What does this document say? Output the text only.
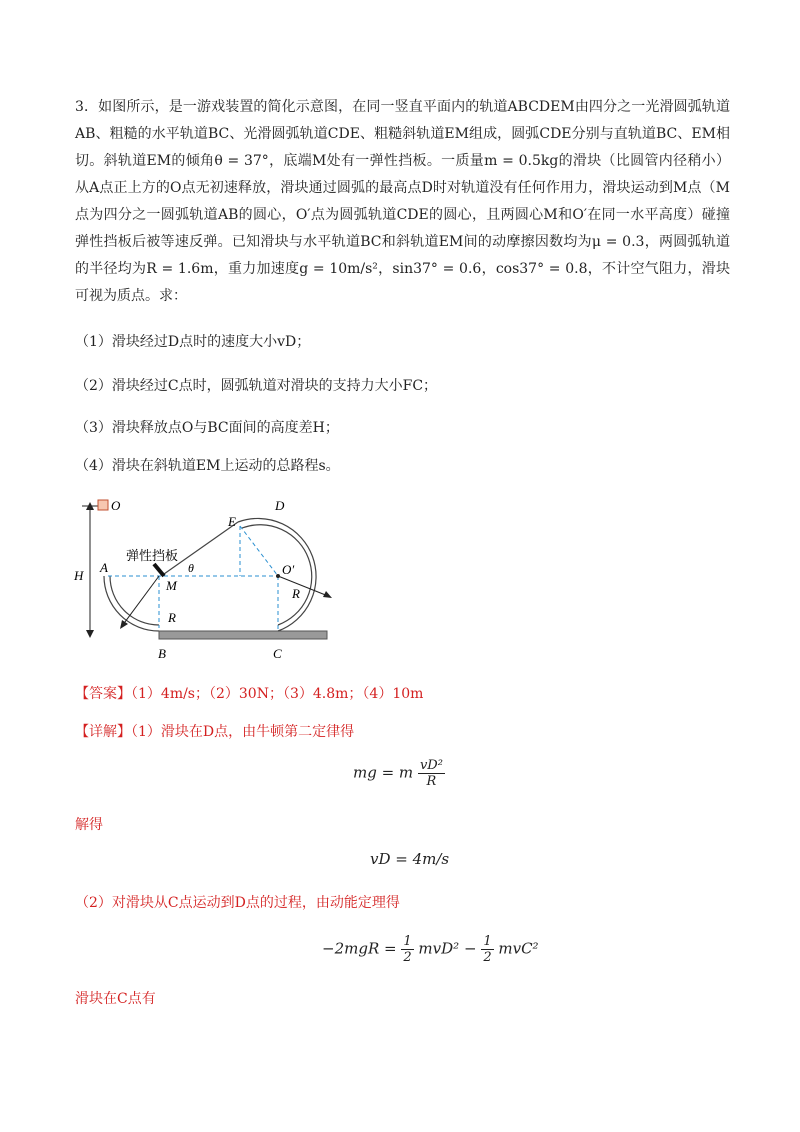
3．如图所示，是一游戏装置的简化示意图，在同一竖直平面内的轨道ABCDEM由四分之一光滑圆弧轨道AB、粗糙的水平轨道BC、光滑圆弧轨道CDE、粗糙斜轨道EM组成，圆弧CDE分别与直轨道BC、EM相切。斜轨道EM的倾角θ = 37°，底端M处有一弹性挡板。一质量m = 0.5kg的滑块（比圆管内径稍小）从A点正上方的O点无初速释放，滑块通过圆弧的最高点D时对轨道没有任何作用力，滑块运动到M点（M点为四分之一圆弧轨道AB的圆心，O′点为圆弧轨道CDE的圆心，且两圆心M和O′在同一水平高度）碰撞弹性挡板后被等速反弹。已知滑块与水平轨道BC和斜轨道EM间的动摩擦因数均为μ = 0.3，两圆弧轨道的半径均为R = 1.6m，重力加速度g = 10m/s²，sin37° = 0.6，cos37° = 0.8，不计空气阻力，滑块可视为质点。求：
（1）滑块经过D点时的速度大小vD；
（2）滑块经过C点时，圆弧轨道对滑块的支持力大小FC；
（3）滑块释放点O与BC面间的高度差H；
（4）滑块在斜轨道EM上运动的总路程s。
O
弹性挡板
D
E
A
M
θ	O′
R
R
H
B	C
【答案】（1）4m/s；（2）30N；（3）4.8m；（4）10m
【详解】（1）滑块在D点，由牛顿第二定律得
mg = m $\frac{\text{vD²}}{R}$
解得
vD = 4m/s
（2）对滑块从C点运动到D点的过程，由动能定理得
$-2mgR = \frac{1}{2} mvD^2 - \frac{1}{2} mvC^2$
滑块在C点有
